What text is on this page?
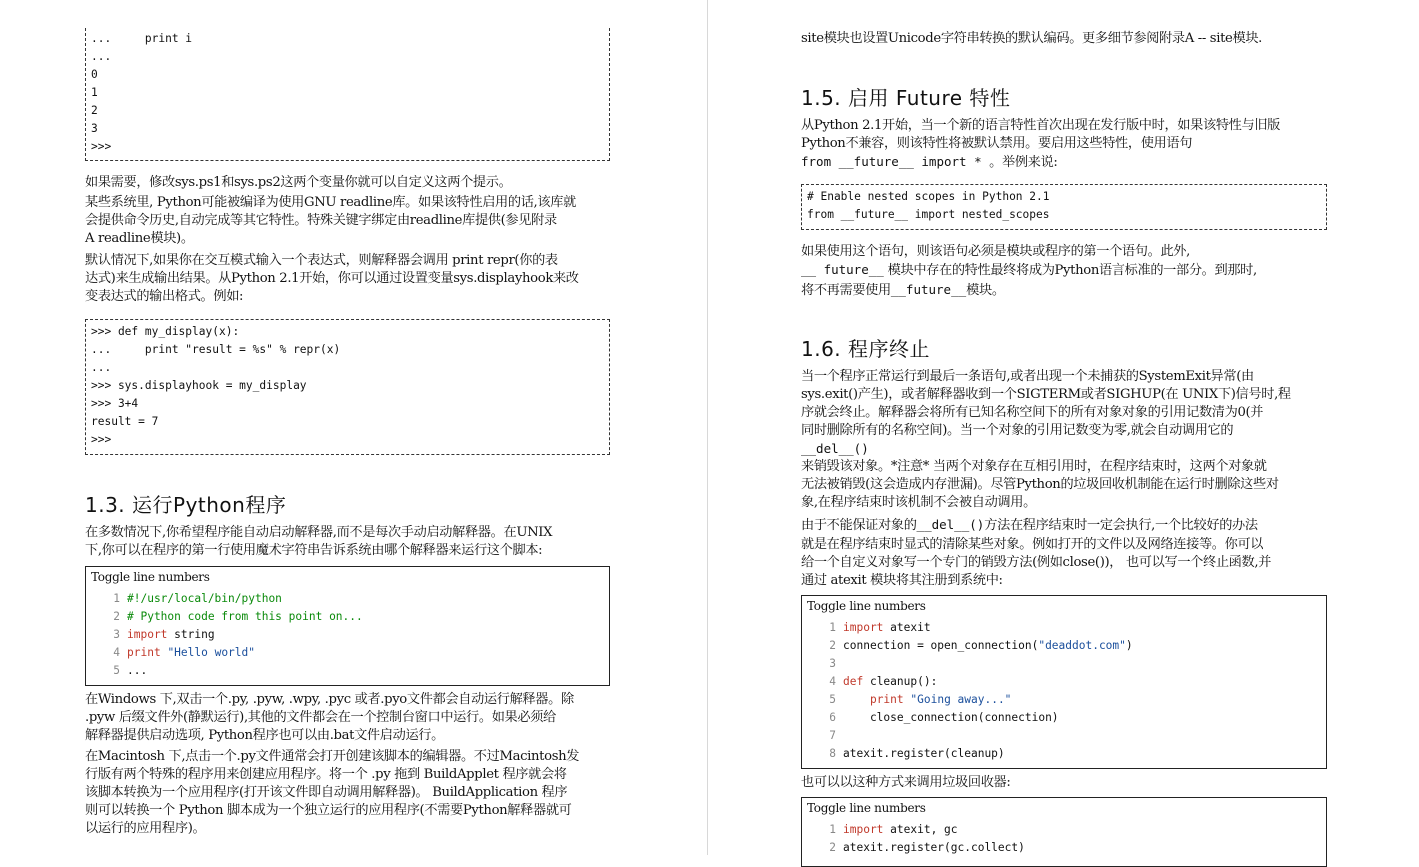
...     print i
...
0
1
2
3
>>>
如果需要，修改sys.ps1和sys.ps2这两个变量你就可以自定义这两个提示。
某些系统里, Python可能被编译为使用GNU readline库。如果该特性启用的话,该库就
会提供命令历史,自动完成等其它特性。特殊关键字绑定由readline库提供(参见附录
A readline模块)。
默认情况下,如果你在交互模式输入一个表达式，则解释器会调用 print repr(你的表
达式)来生成输出结果。从Python 2.1开始，你可以通过设置变量sys.displayhook来改
变表达式的输出格式。例如:
>>> def my_display(x):
...     print "result = %s" % repr(x)
...
>>> sys.displayhook = my_display
>>> 3+4
result = 7
>>>
1.3. 运行Python程序
在多数情况下,你希望程序能自动启动解释器,而不是每次手动启动解释器。在UNIX
下,你可以在程序的第一行使用魔术字符串告诉系统由哪个解释器来运行这个脚本:
Toggle line numbers
1 #!/usr/local/bin/python
2 # Python code from this point on...
3 import string
4 print "Hello world"
5 ...
在Windows 下,双击一个.py, .pyw, .wpy, .pyc 或者.pyo文件都会自动运行解释器。除
.pyw 后缀文件外(静默运行),其他的文件都会在一个控制台窗口中运行。如果必须给
解释器提供启动选项, Python程序也可以由.bat文件启动运行。
在Macintosh 下,点击一个.py文件通常会打开创建该脚本的编辑器。不过Macintosh发
行版有两个特殊的程序用来创建应用程序。将一个 .py 拖到 BuildApplet 程序就会将
该脚本转换为一个应用程序(打开该文件即自动调用解释器)。 BuildApplication 程序
则可以转换一个 Python 脚本成为一个独立运行的应用程序(不需要Python解释器就可
以运行的应用程序)。
site模块也设置Unicode字符串转换的默认编码。更多细节参阅附录A -- site模块.
1.5. 启用 Future 特性
从Python 2.1开始，当一个新的语言特性首次出现在发行版中时，如果该特性与旧版
Python不兼容，则该特性将被默认禁用。要启用这些特性，使用语句
from __future__ import * 。举例来说:
# Enable nested scopes in Python 2.1
from __future__ import nested_scopes
如果使用这个语句，则该语句必须是模块或程序的第一个语句。此外,
__ future__ 模块中存在的特性最终将成为Python语言标准的一部分。到那时,
将不再需要使用__future__模块。
1.6. 程序终止
当一个程序正常运行到最后一条语句,或者出现一个未捕获的SystemExit异常(由
sys.exit()产生)，或者解释器收到一个SIGTERM或者SIGHUP(在 UNIX下)信号时,程
序就会终止。解释器会将所有已知名称空间下的所有对象对象的引用记数清为0(并
同时删除所有的名称空间)。当一个对象的引用记数变为零,就会自动调用它的
__del__()
来销毁该对象。*注意* 当两个对象存在互相引用时，在程序结束时，这两个对象就
无法被销毁(这会造成内存泄漏)。尽管Python的垃圾回收机制能在运行时删除这些对
象,在程序结束时该机制不会被自动调用。
由于不能保证对象的__del__()方法在程序结束时一定会执行,一个比较好的办法
就是在程序结束时显式的清除某些对象。例如打开的文件以及网络连接等。你可以
给一个自定义对象写一个专门的销毁方法(例如close())， 也可以写一个终止函数,并
通过 atexit 模块将其注册到系统中:
Toggle line numbers
1 import atexit
2 connection = open_connection("deaddot.com")
3
4 def cleanup():
5	print "Going away..."
6    close_connection(connection)
7
8 atexit.register(cleanup)
也可以以这种方式来调用垃圾回收器:
Toggle line numbers
1 import atexit, gc
2 atexit.register(gc.collect)
